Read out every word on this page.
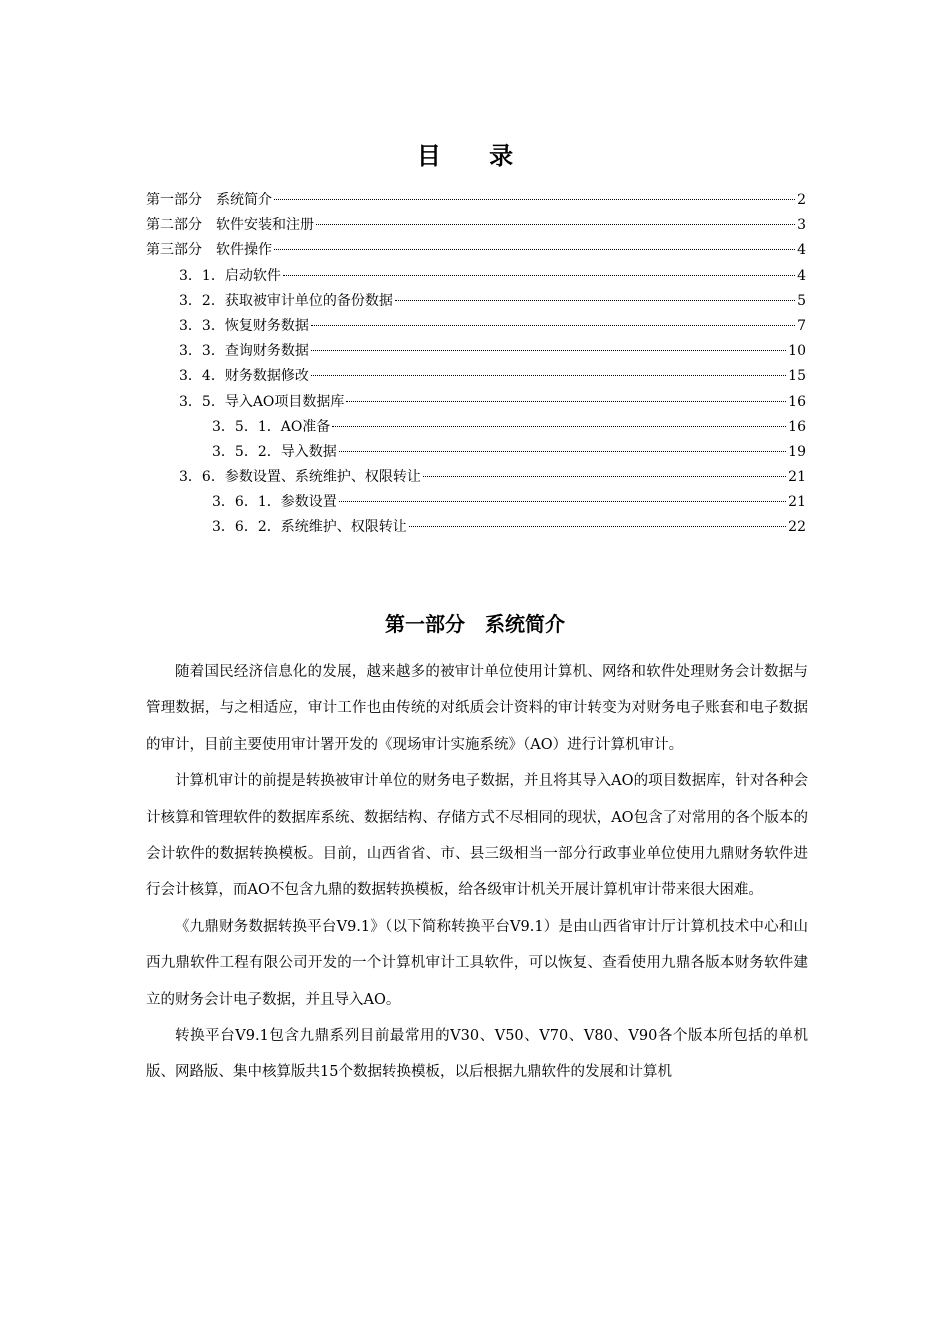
目 录
第一部分　系统简介	2
第二部分　软件安装和注册	3
第三部分　软件操作	4
3．1．启动软件	4
3．2．获取被审计单位的备份数据	5
3．3．恢复财务数据	7
3．3．查询财务数据	10
3．4．财务数据修改	15
3．5．导入AO项目数据库	16
3．5．1．AO准备	16
3．5．2．导入数据	19
3．6．参数设置、系统维护、权限转让	21
3．6．1．参数设置	21
3．6．2．系统维护、权限转让	22
第一部分　系统简介

随着国民经济信息化的发展，越来越多的被审计单位使用计算机、网络和软件处理财务会计数据与管理数据，与之相适应，审计工作也由传统的对纸质会计资料的审计转变为对财务电子账套和电子数据的审计，目前主要使用审计署开发的《现场审计实施系统》（AO）进行计算机审计。

计算机审计的前提是转换被审计单位的财务电子数据，并且将其导入AO的项目数据库，针对各种会计核算和管理软件的数据库系统、数据结构、存储方式不尽相同的现状，AO包含了对常用的各个版本的会计软件的数据转换模板。目前，山西省省、市、县三级相当一部分行政事业单位使用九鼎财务软件进行会计核算，而AO不包含九鼎的数据转换模板，给各级审计机关开展计算机审计带来很大困难。

《九鼎财务数据转换平台V9.1》（以下简称转换平台V9.1）是由山西省审计厅计算机技术中心和山西九鼎软件工程有限公司开发的一个计算机审计工具软件，可以恢复、查看使用九鼎各版本财务软件建立的财务会计电子数据，并且导入AO。

转换平台V9.1包含九鼎系列目前最常用的V30、V50、V70、V80、V90各个版本所包括的单机版、网路版、集中核算版共15个数据转换模板，以后根据九鼎软件的发展和计算机
